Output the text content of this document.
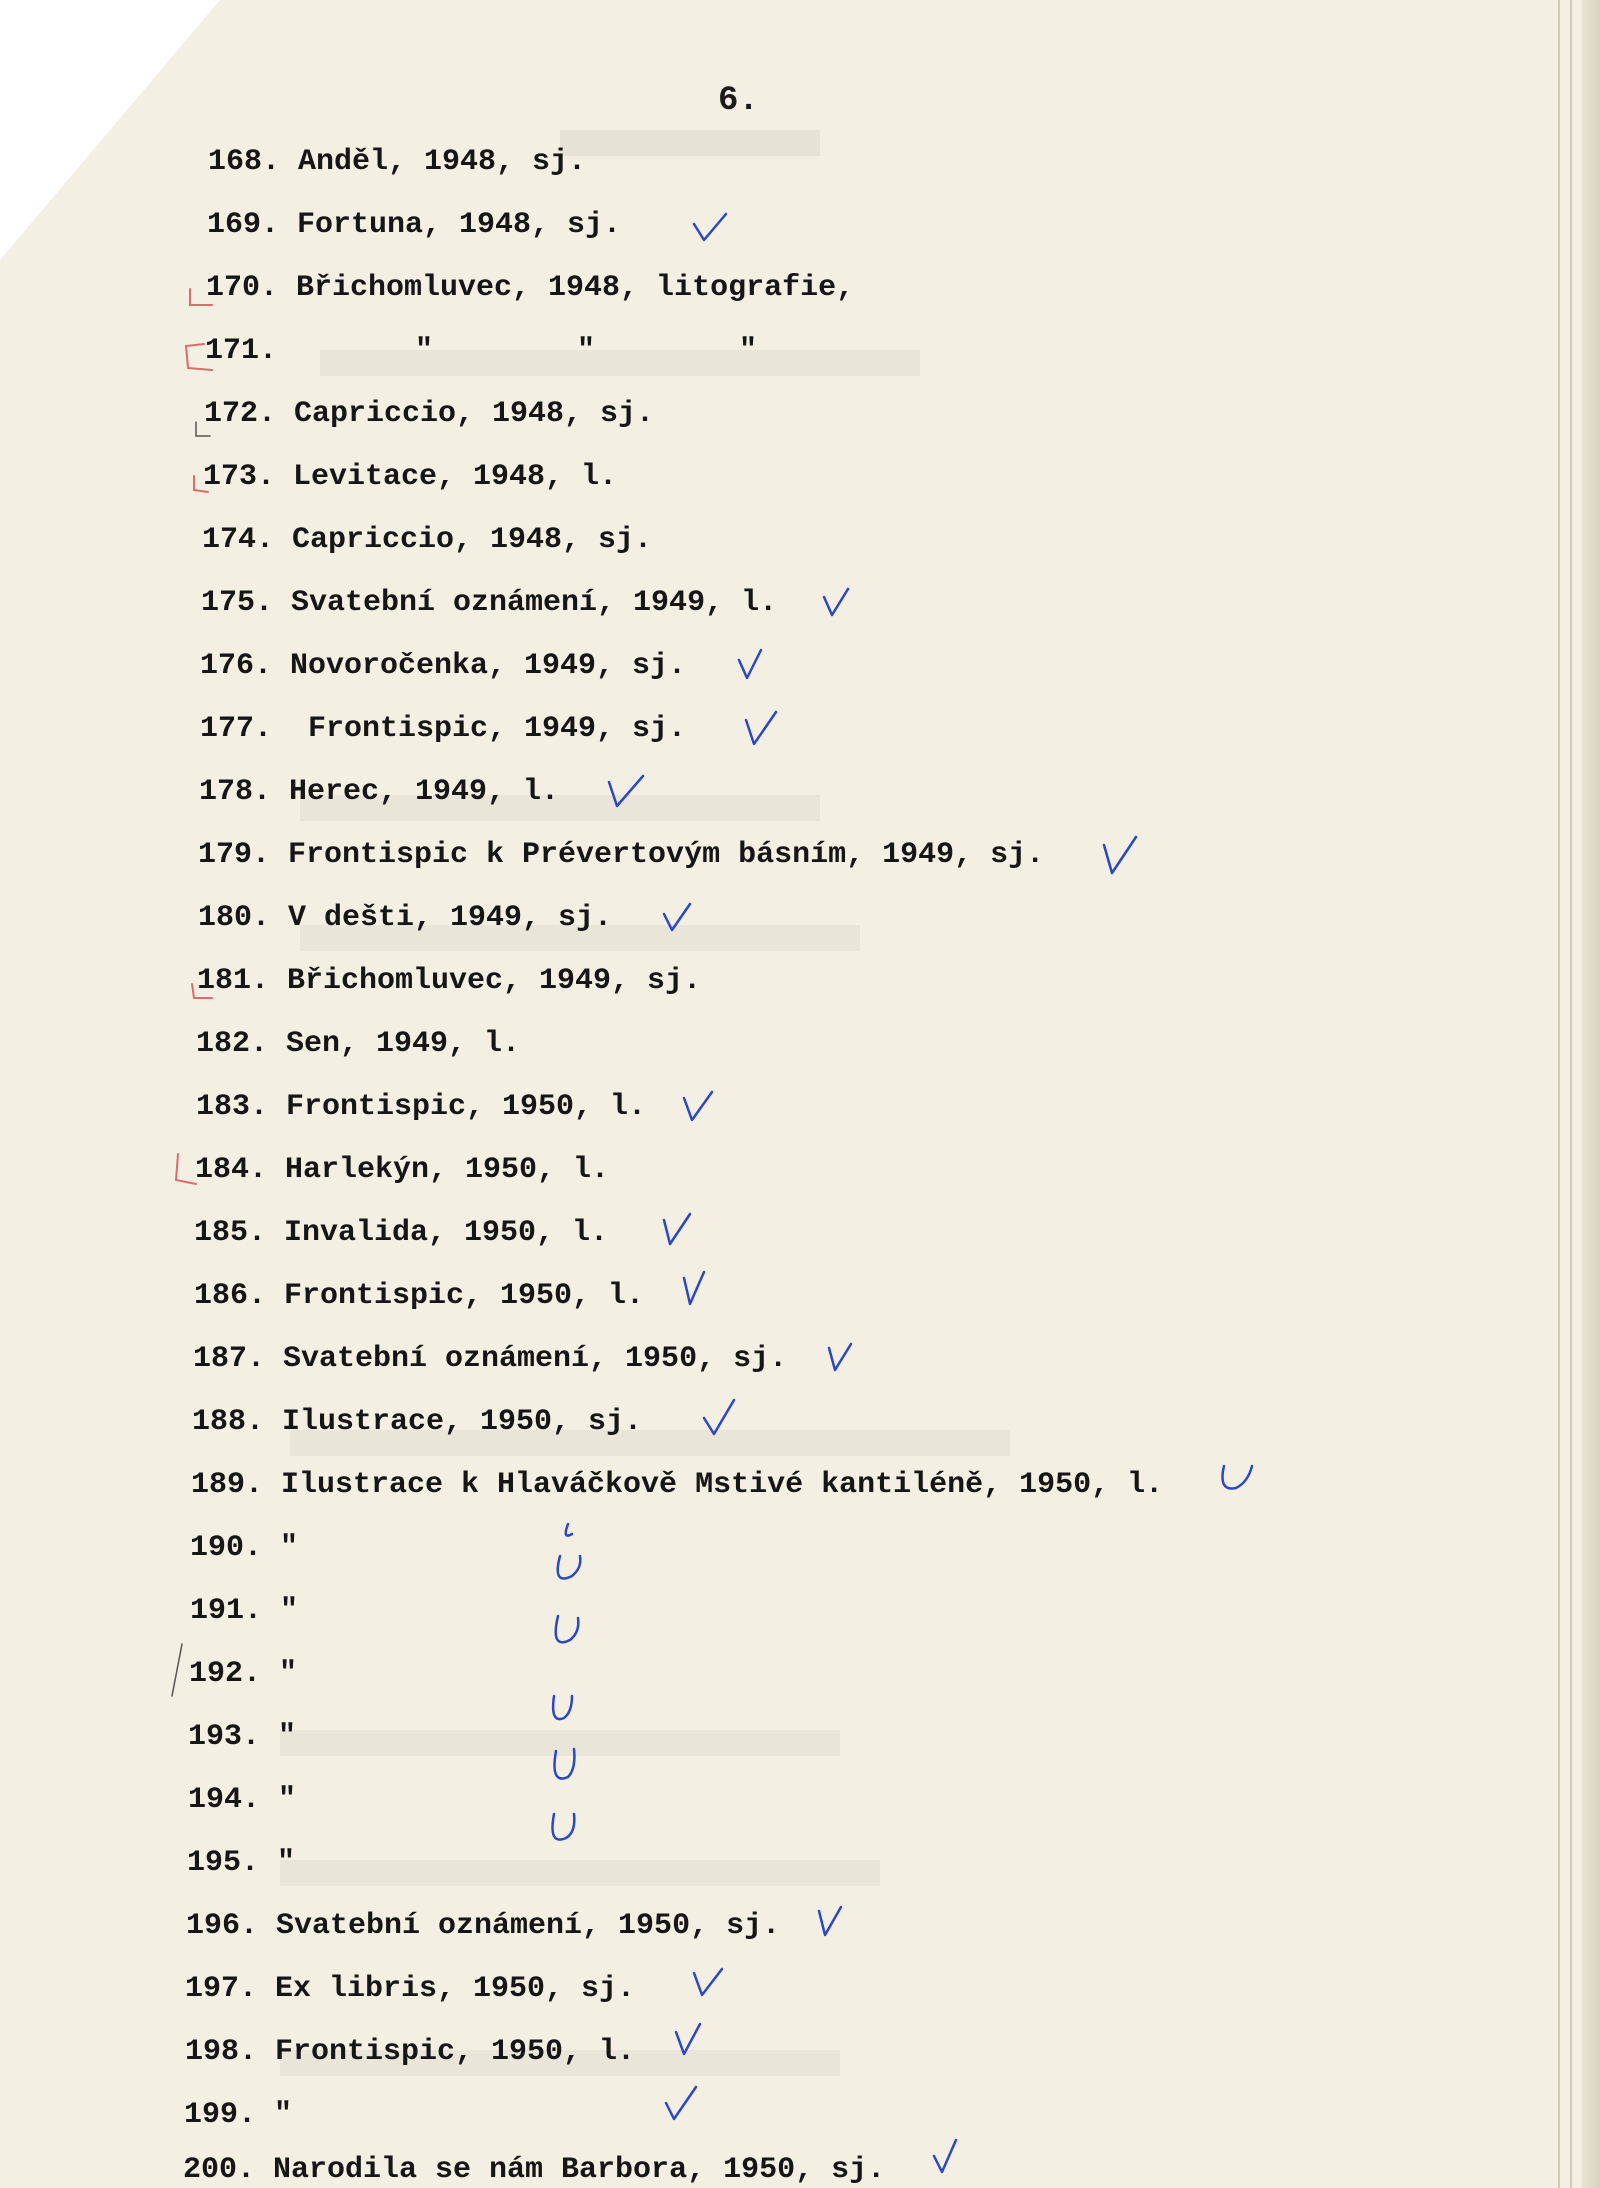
6.
168. Anděl, 1948, sj.
169. Fortuna, 1948, sj.
170. Břichomluvec, 1948, litografie,
171.	"        "        "
172. Capriccio, 1948, sj.
173. Levitace, 1948, l.
174. Capriccio, 1948, sj.
175. Svatební oznámení, 1949, l.
176. Novoročenka, 1949, sj.
177. Frontispic, 1949, sj.
178. Herec, 1949, l.
179. Frontispic k Prévertovým básním, 1949, sj.
180. V dešti, 1949, sj.
181. Břichomluvec, 1949, sj.
182. Sen, 1949, l.
183. Frontispic, 1950, l.
184. Harlekýn, 1950, l.
185. Invalida, 1950, l.
186. Frontispic, 1950, l.
187. Svatební oznámení, 1950, sj.
188. Ilustrace, 1950, sj.
189. Ilustrace k Hlaváčkově Mstivé kantiléně, 1950, l.
190. "
191. "
192. "
193. "
194. "
195. "
196. Svatební oznámení, 1950, sj.
197. Ex libris, 1950, sj.
198. Frontispic, 1950, l.
199. "
200. Narodila se nám Barbora, 1950, sj.
